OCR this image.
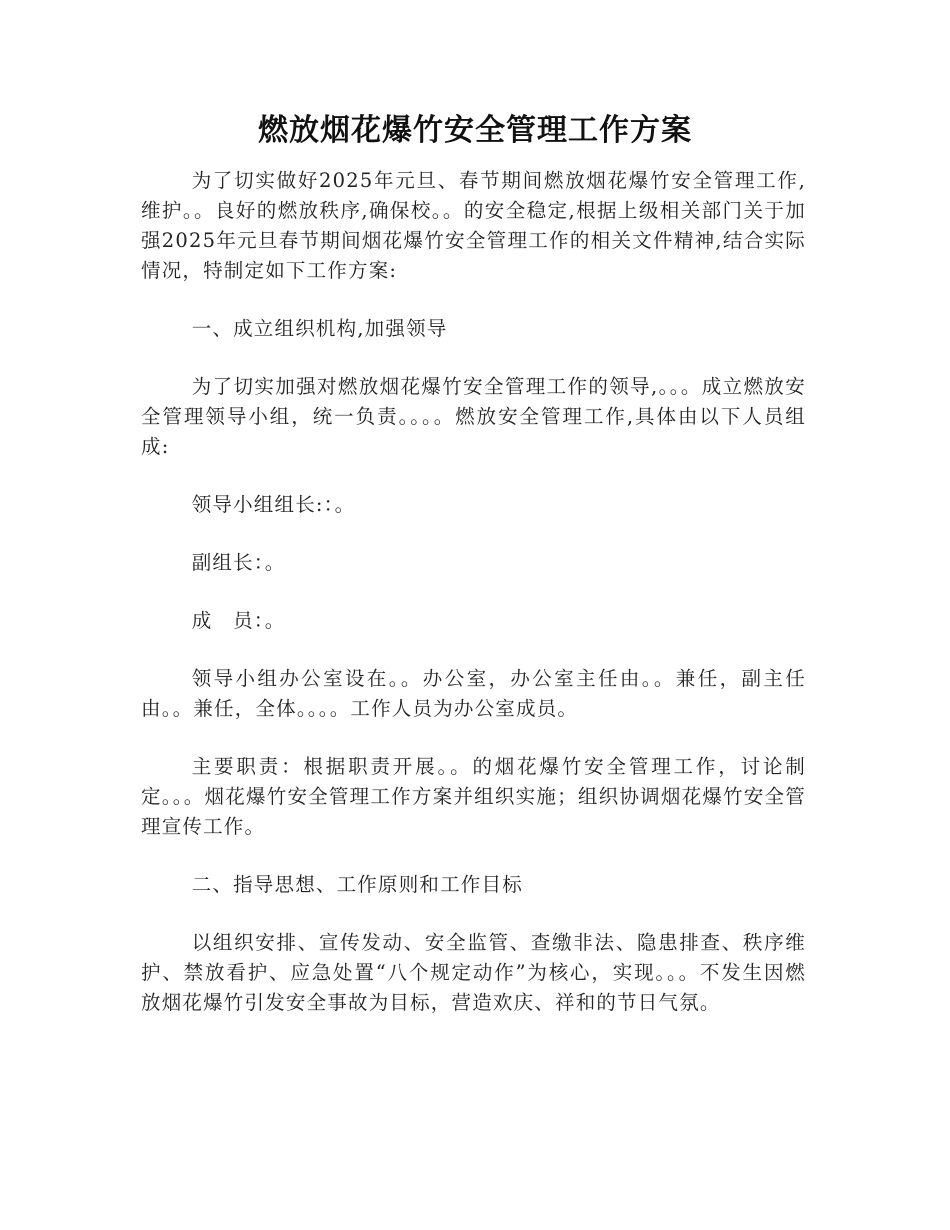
燃放烟花爆竹安全管理工作方案

为了切实做好2025年元旦、春节期间燃放烟花爆竹安全管理工作,维护。。良好的燃放秩序,确保校。。的安全稳定,根据上级相关部门关于加强2025年元旦春节期间烟花爆竹安全管理工作的相关文件精神,结合实际情况，特制定如下工作方案:

一、成立组织机构,加强领导

为了切实加强对燃放烟花爆竹安全管理工作的领导,。。。成立燃放安全管理领导小组，统一负责。。。。燃放安全管理工作,具体由以下人员组成:

领导小组组长:：。

副组长：。

成　员：。

领导小组办公室设在。。办公室，办公室主任由。。兼任，副主任由。。兼任，全体。。。。工作人员为办公室成员。

主要职责：根据职责开展。。的烟花爆竹安全管理工作，讨论制定。。。烟花爆竹安全管理工作方案并组织实施；组织协调烟花爆竹安全管理宣传工作。

二、指导思想、工作原则和工作目标

以组织安排、宣传发动、安全监管、查缴非法、隐患排查、秩序维护、禁放看护、应急处置“八个规定动作”为核心，实现。。。不发生因燃放烟花爆竹引发安全事故为目标，营造欢庆、祥和的节日气氛。
